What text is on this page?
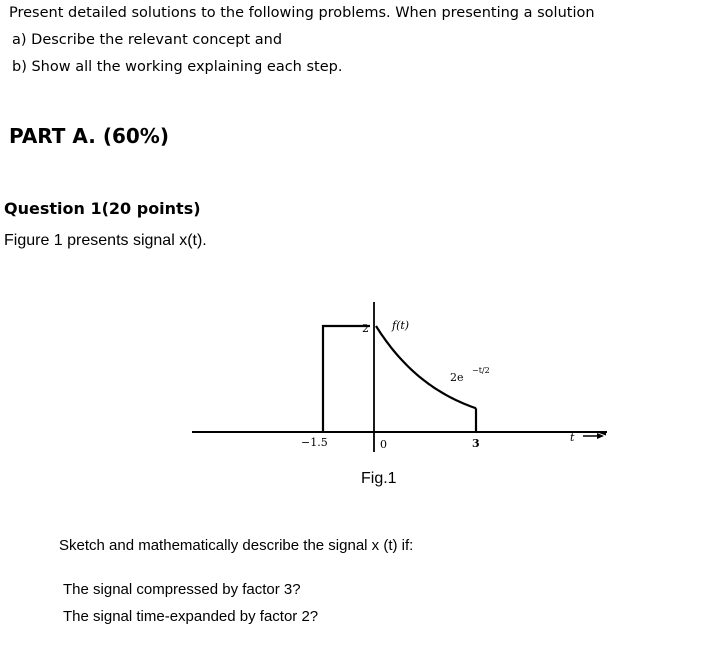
Present detailed solutions to the following problems. When presenting a solution
a) Describe the relevant concept and
b) Show all the working explaining each step.
PART A. (60%)
Question 1(20 points)
Figure 1 presents signal x(t).
2 f(t)
2e
−t/2
−1.5	0	3	t
Fig.1
Sketch and mathematically describe the signal x (t) if:
The signal compressed by factor 3?
The signal time-expanded by factor 2?
